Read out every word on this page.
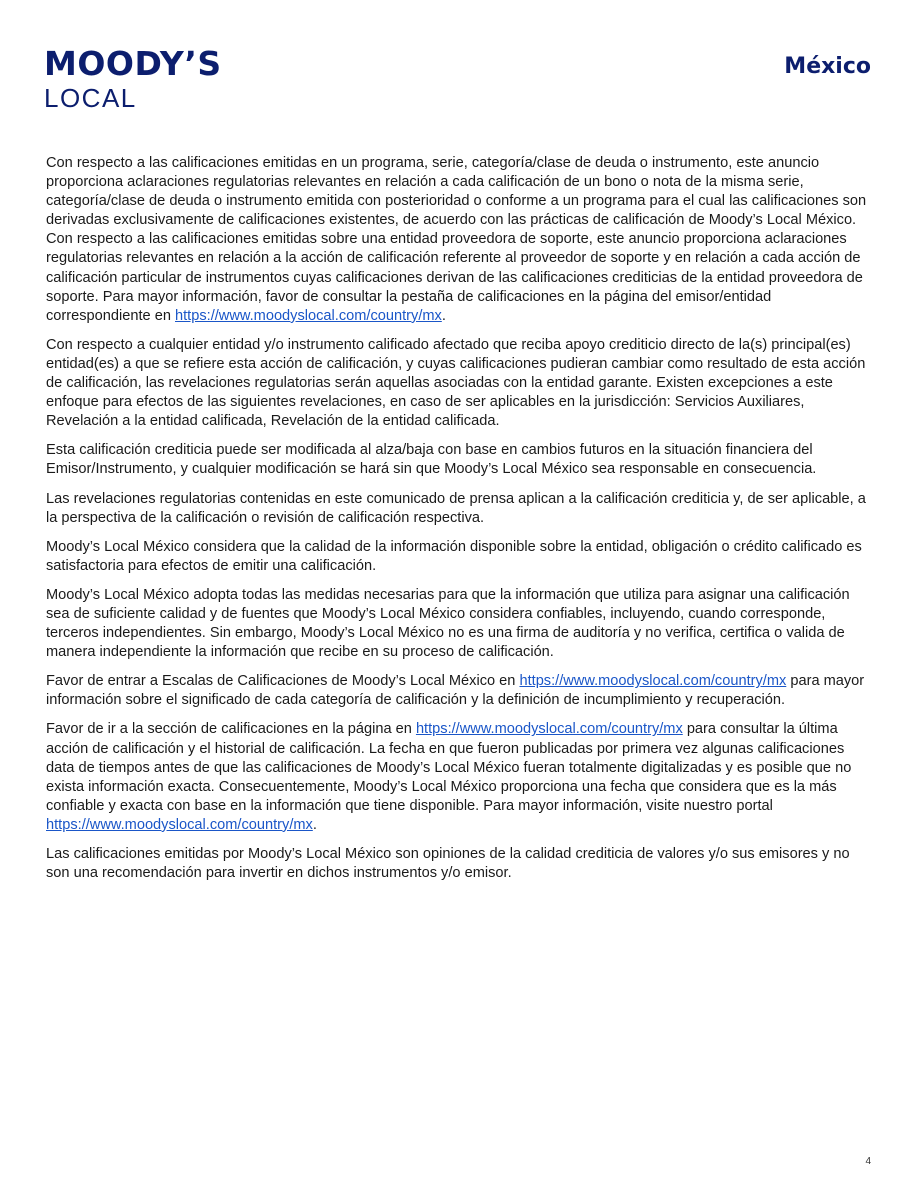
MOODY’S
LOCAL
México

Con respecto a las calificaciones emitidas en un programa, serie, categoría/clase de deuda o instrumento, este anuncio proporciona aclaraciones regulatorias relevantes en relación a cada calificación de un bono o nota de la misma serie, categoría/clase de deuda o instrumento emitida con posterioridad o conforme a un programa para el cual las calificaciones son derivadas exclusivamente de calificaciones existentes, de acuerdo con las prácticas de calificación de Moody’s Local México. Con respecto a las calificaciones emitidas sobre una entidad proveedora de soporte, este anuncio proporciona aclaraciones regulatorias relevantes en relación a la acción de calificación referente al proveedor de soporte y en relación a cada acción de calificación particular de instrumentos cuyas calificaciones derivan de las calificaciones crediticias de la entidad proveedora de soporte. Para mayor información, favor de consultar la pestaña de calificaciones en la página del emisor/entidad correspondiente en https://www.moodyslocal.com/country/mx.

Con respecto a cualquier entidad y/o instrumento calificado afectado que reciba apoyo crediticio directo de la(s) principal(es) entidad(es) a que se refiere esta acción de calificación, y cuyas calificaciones pudieran cambiar como resultado de esta acción de calificación, las revelaciones regulatorias serán aquellas asociadas con la entidad garante. Existen excepciones a este enfoque para efectos de las siguientes revelaciones, en caso de ser aplicables en la jurisdicción: Servicios Auxiliares, Revelación a la entidad calificada, Revelación de la entidad calificada.

Esta calificación crediticia puede ser modificada al alza/baja con base en cambios futuros en la situación financiera del Emisor/Instrumento, y cualquier modificación se hará sin que Moody’s Local México sea responsable en consecuencia.

Las revelaciones regulatorias contenidas en este comunicado de prensa aplican a la calificación crediticia y, de ser aplicable, a la perspectiva de la calificación o revisión de calificación respectiva.

Moody’s Local México considera que la calidad de la información disponible sobre la entidad, obligación o crédito calificado es satisfactoria para efectos de emitir una calificación.

Moody’s Local México adopta todas las medidas necesarias para que la información que utiliza para asignar una calificación sea de suficiente calidad y de fuentes que Moody’s Local México considera confiables, incluyendo, cuando corresponde, terceros independientes. Sin embargo, Moody’s Local México no es una firma de auditoría y no verifica, certifica o valida de manera independiente la información que recibe en su proceso de calificación.

Favor de entrar a Escalas de Calificaciones de Moody’s Local México en https://www.moodyslocal.com/country/mx para mayor información sobre el significado de cada categoría de calificación y la definición de incumplimiento y recuperación.

Favor de ir a la sección de calificaciones en la página en https://www.moodyslocal.com/country/mx para consultar la última acción de calificación y el historial de calificación. La fecha en que fueron publicadas por primera vez algunas calificaciones data de tiempos antes de que las calificaciones de Moody’s Local México fueran totalmente digitalizadas y es posible que no exista información exacta. Consecuentemente, Moody’s Local México proporciona una fecha que considera que es la más confiable y exacta con base en la información que tiene disponible. Para mayor información, visite nuestro portal https://www.moodyslocal.com/country/mx.

Las calificaciones emitidas por Moody’s Local México son opiniones de la calidad crediticia de valores y/o sus emisores y no son una recomendación para invertir en dichos instrumentos y/o emisor.

4
